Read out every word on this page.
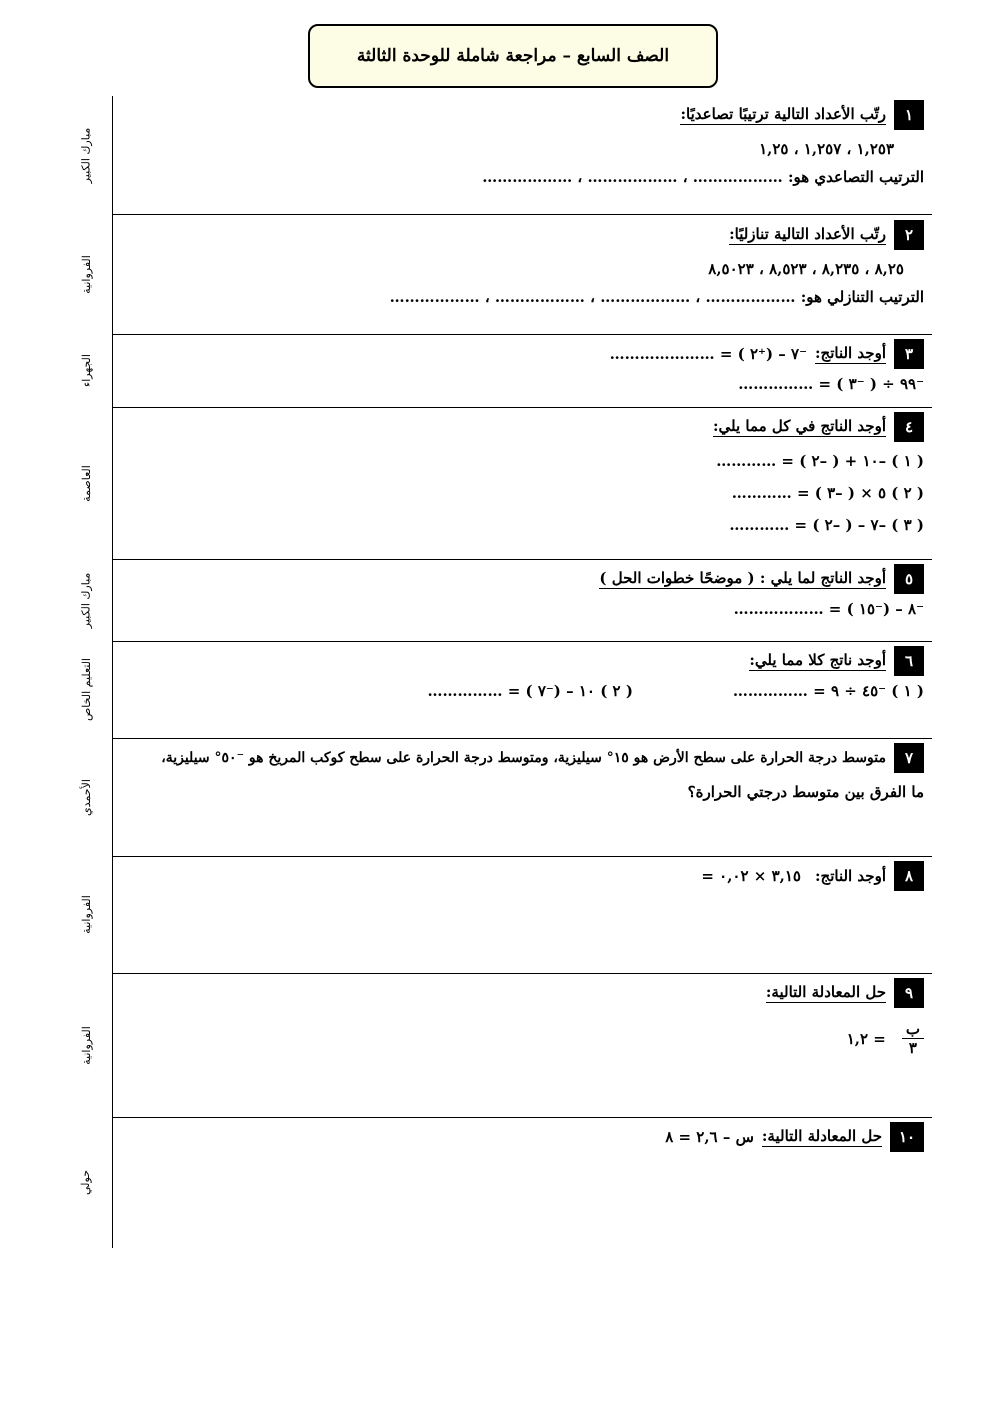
الصف السابع – مراجعة شاملة للوحدة الثالثة
مبارك الكبير
الفروانية
الجهراء
العاصمة
مبارك الكبير
التعليم الخاص
الأحمدي
الفروانية
الفروانية
حولي
١
رتّب الأعداد التالية ترتيبًا تصاعديًا:
١,٢٥٣ ، ١,٢٥٧ ، ١,٢٥
الترتيب التصاعدي هو: ……………… ، ……………… ، ………………
٢
رتّب الأعداد التالية تنازليًا:
٨,٢٥ ، ٨,٢٣٥ ، ٨,٥٢٣ ، ٨,٥٠٢٣
الترتيب التنازلي هو: ……………… ، ……………… ، ……………… ، ………………
٣
أوجد الناتج:
⁻٧ – (⁺٢ ) = …………………
⁻٩٩ ÷ ( ⁻٣ ) = ……………
٤
أوجد الناتج في كل مما يلي:
( ١ ) –١٠ + ( –٢ ) = …………
( ٢ ) ٥ × ( –٣ ) = …………
( ٣ ) –٧ – ( –٢ ) = …………
٥
أوجد الناتج لما يلي : ( موضحًا خطوات الحل )
⁻٨ – (⁻١٥ ) = ………………
٦
أوجد ناتج كلا مما يلي:
( ١ ) ⁻٤٥ ÷ ٩ = ……………
( ٢ ) ١٠ – (⁻٧ ) = ……………
٧
متوسط درجة الحرارة على سطح الأرض هو ١٥° سيليزية، ومتوسط درجة الحرارة على سطح كوكب المريخ هو ⁻٥٠° سيليزية،
ما الفرق بين متوسط درجتي الحرارة؟
٨
أوجد الناتج:
٣,١٥ × ٠,٠٢ =
٩
حل المعادلة التالية:
$\frac{\text{ب}}{٣}$
= ١,٢
١٠
حل المعادلة التالية:
س – ٢,٦ = ٨
